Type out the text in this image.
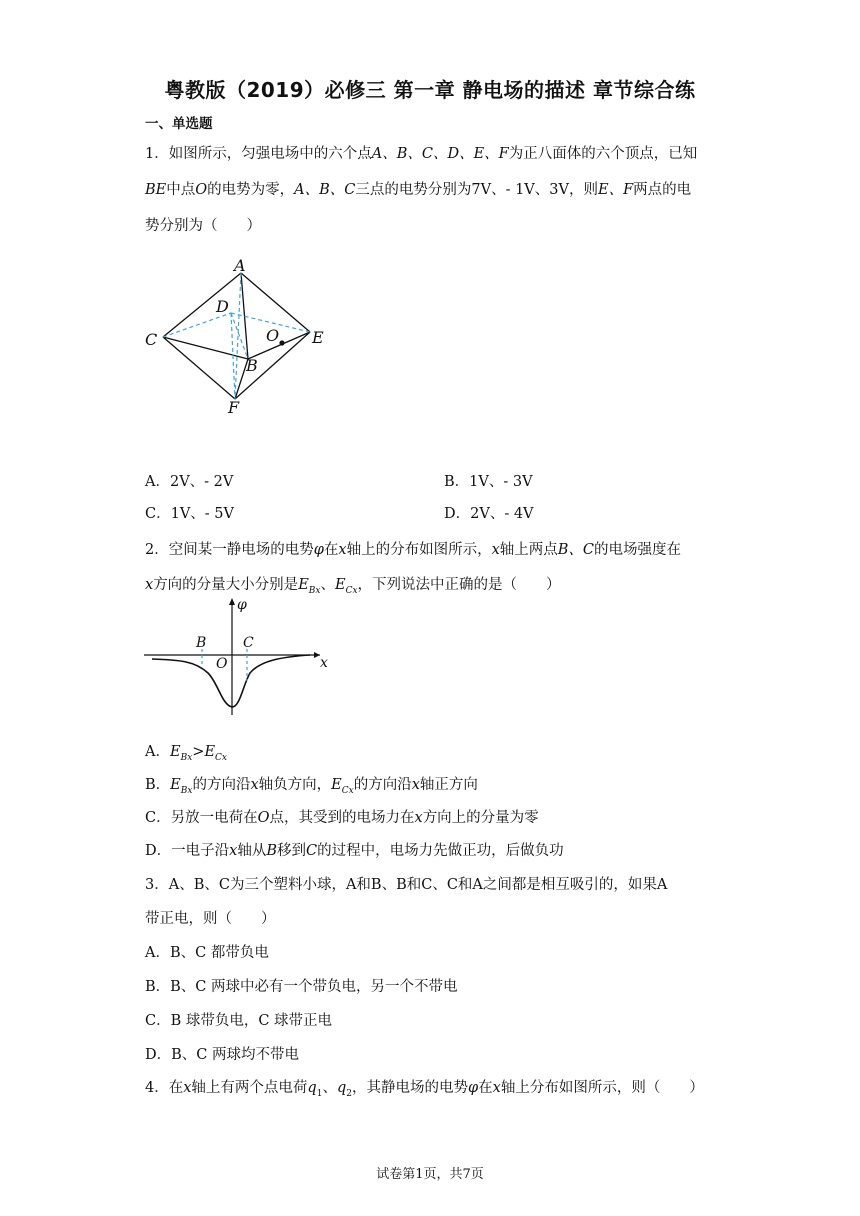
粤教版（2019）必修三 第一章 静电场的描述 章节综合练
一、单选题
1．如图所示，匀强电场中的六个点A、B、C、D、E、F为正八面体的六个顶点，已知
BE中点O的电势为零，A、B、C三点的电势分别为7V、- 1V、3V，则E、F两点的电
势分别为（　　）
A
B
C
D
E
F
O
A．2V、- 2V	B．1V、- 3V
C．1V、- 5V	D．2V、- 4V
2．空间某一静电场的电势φ在x轴上的分布如图所示，x轴上两点B、C的电场强度在
x方向的分量大小分别是$E_{Bx}$、$E_{Cx}$，下列说法中正确的是（　　）
φ
B	C
O	x
A．$E_{Bx}>E_{Cx}$
B．$E_{Bx}$的方向沿x轴负方向，$E_{Cx}$的方向沿x轴正方向
C．另放一电荷在O点，其受到的电场力在x方向上的分量为零
D．一电子沿x轴从B移到C的过程中，电场力先做正功，后做负功
3．A、B、C为三个塑料小球，A和B、B和C、C和A之间都是相互吸引的，如果A
带正电，则（　　）
A．B、C 都带负电
B．B、C 两球中必有一个带负电，另一个不带电
C．B 球带负电，C 球带正电
D．B、C 两球均不带电
4．在x轴上有两个点电荷$q_1$、$q_2$，其静电场的电势φ在x轴上分布如图所示，则（　　）
试卷第1页，共7页
